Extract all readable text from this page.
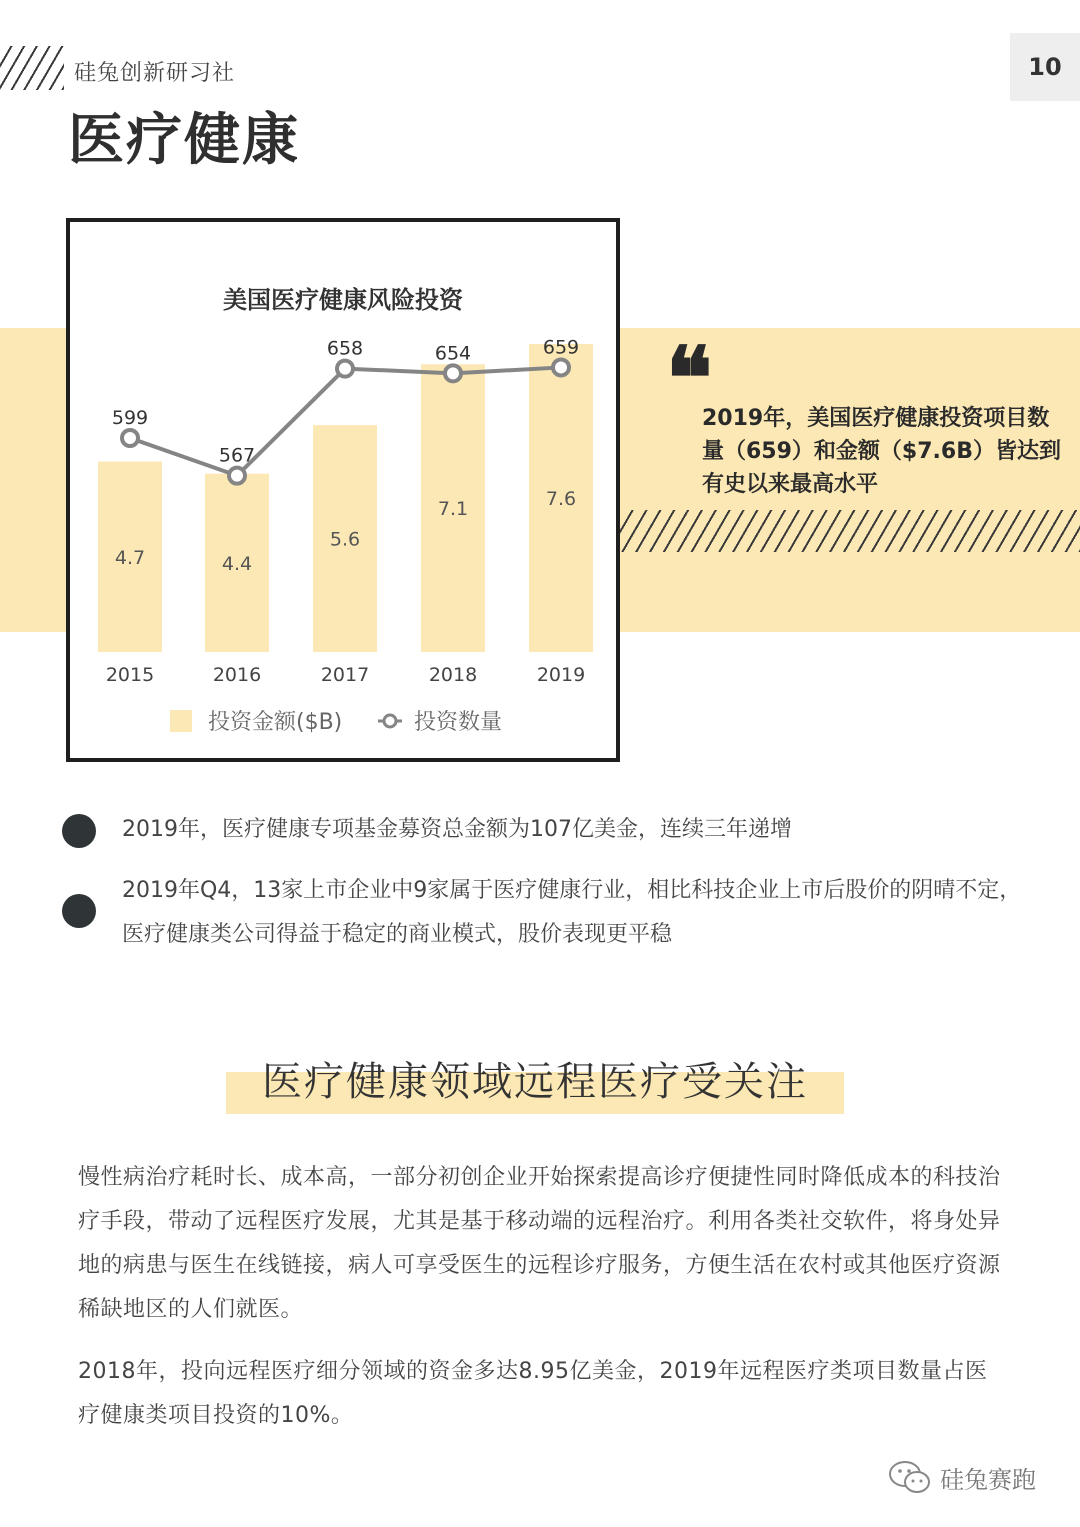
硅兔创新研习社	10
医疗健康
美国医疗健康风险投资
4.7
2015
4.4
2016
5.6
2017
7.1
2018
7.6
2019
599
567
658	654	659
投资金额($B)	投资数量
❝ 2019年，美国医疗健康投资项目数量（659）和金额（$7.6B）皆达到有史以来最高水平
2019年，医疗健康专项基金募资总金额为107亿美金，连续三年递增
2019年Q4，13家上市企业中9家属于医疗健康行业，相比科技企业上市后股价的阴晴不定，医疗健康类公司得益于稳定的商业模式，股价表现更平稳
医疗健康领域远程医疗受关注
慢性病治疗耗时长、成本高，一部分初创企业开始探索提高诊疗便捷性同时降低成本的科技治疗手段，带动了远程医疗发展，尤其是基于移动端的远程治疗。利用各类社交软件，将身处异地的病患与医生在线链接，病人可享受医生的远程诊疗服务，方便生活在农村或其他医疗资源稀缺地区的人们就医。
2018年，投向远程医疗细分领域的资金多达8.95亿美金，2019年远程医疗类项目数量占医疗健康类项目投资的10%。
硅兔赛跑
